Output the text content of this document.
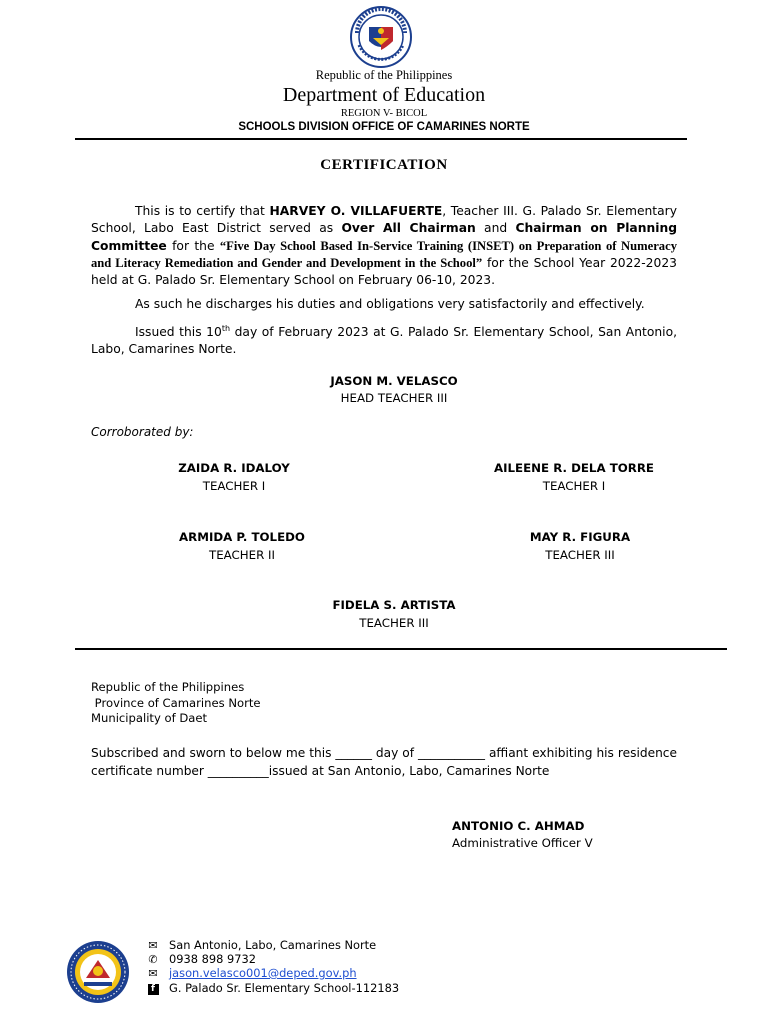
Republic of the Philippines
Department of Education
REGION V- BICOL
SCHOOLS DIVISION OFFICE OF CAMARINES NORTE
CERTIFICATION
This is to certify that HARVEY O. VILLAFUERTE, Teacher III. G. Palado Sr. Elementary School, Labo East District served as Over All Chairman and Chairman on Planning Committee for the “Five Day School Based In-Service Training (INSET) on Preparation of Numeracy and Literacy Remediation and Gender and Development in the School” for the School Year 2022-2023 held at G. Palado Sr. Elementary School on February 06-10, 2023.
As such he discharges his duties and obligations very satisfactorily and effectively.
Issued this 10th day of February 2023 at G. Palado Sr. Elementary School, San Antonio, Labo, Camarines Norte.
JASON M. VELASCO
HEAD TEACHER III
Corroborated by:
ZAIDA R. IDALOY
TEACHER I
AILEENE R. DELA TORRE
TEACHER I
ARMIDA P. TOLEDO
TEACHER II
MAY R. FIGURA
TEACHER III
FIDELA S. ARTISTA
TEACHER III
Republic of the Philippines
Province of Camarines Norte
Municipality of Daet
Subscribed and sworn to below me this ______ day of ___________ affiant exhibiting his residence certificate number __________issued at San Antonio, Labo, Camarines Norte
ANTONIO C. AHMAD
Administrative Officer V
✉ San Antonio, Labo, Camarines Norte
✆ 0938 898 9732
✉ jason.velasco001@deped.gov.ph
f	G. Palado Sr. Elementary School-112183
